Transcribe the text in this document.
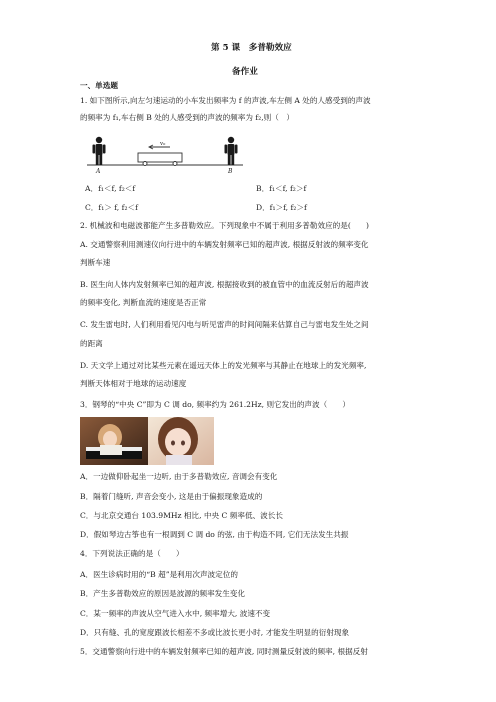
第 5 课　多普勒效应
备作业
一、单选题
1. 如下图所示,向左匀速运动的小车发出频率为 f 的声波,车左侧 A 处的人感受到的声波
的频率为 f₁,车右侧 B 处的人感受到的声波的频率为 f₂,则（　）
A	B
v₀
A．f₁＜f, f₂＜f	B．f₁＜f, f₂＞f
C．f₁＞ f, f₂＜f	D．f₁＞f, f₂＞f
2. 机械波和电磁波都能产生多普勒效应。下列现象中不属于利用多普勒效应的是(　　)
A. 交通警察利用测速仪向行进中的车辆发射频率已知的超声波, 根据反射波的频率变化
判断车速
B. 医生向人体内发射频率已知的超声波, 根据接收到的被血管中的血流反射后的超声波
的频率变化, 判断血流的速度是否正常
C. 发生雷电时, 人们利用看见闪电与听见雷声的时间间隔来估算自己与雷电发生处之间
的距离
D. 天文学上通过对比某些元素在遥远天体上的发光频率与其静止在地球上的发光频率,
判断天体相对于地球的运动速度
3．钢琴的“中央 C”即为 C 调 do, 频率约为 261.2Hz, 则它发出的声波（　　）
A．一边做仰卧起坐一边听, 由于多普勒效应, 音调会有变化
B．隔着门缝听, 声音会变小, 这是由于偏振现象造成的
C．与北京交通台 103.9MHz 相比, 中央 C 频率低、波长长
D．假如琴边古筝也有一根调到 C 调 do 的弦, 由于构造不同, 它们无法发生共振
4．下列说法正确的是（　　）
A．医生诊病时用的“B 超”是利用次声波定位的
B．产生多普勒效应的原因是波源的频率发生变化
C．某一频率的声波从空气进入水中, 频率增大, 波速不变
D．只有缝、孔的宽度跟波长相差不多或比波长更小时, 才能发生明显的衍射现象
5．交通警察向行进中的车辆发射频率已知的超声波, 同时测量反射波的频率, 根据反射
